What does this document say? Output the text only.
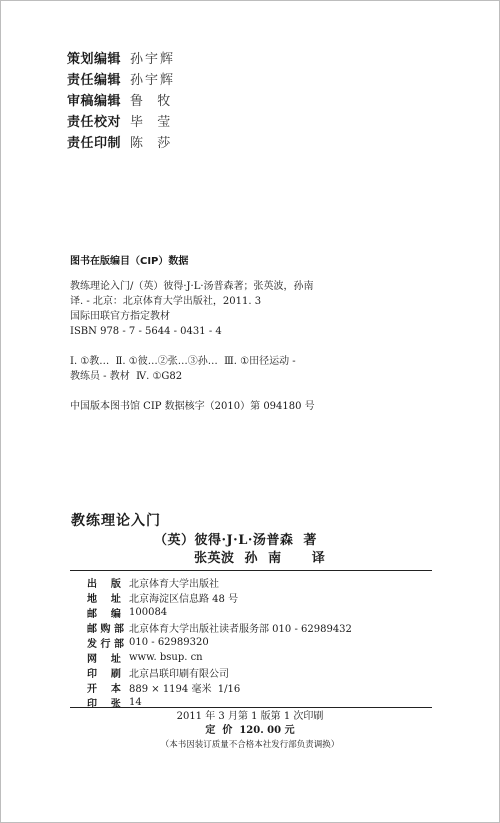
策划编辑 孙宇辉
责任编辑 孙宇辉
审稿编辑 鲁  牧
责任校对 毕  莹
责任印制 陈  莎
图书在版编目（CIP）数据

教练理论入门/（英）彼得·J·L·汤普森著；张英波，孙南

译. - 北京：北京体育大学出版社，2011. 3

国际田联官方指定教材

ISBN 978 - 7 - 5644 - 0431 - 4

Ⅰ. ①教…  Ⅱ. ①彼…②张…③孙…  Ⅲ. ①田径运动 -

教练员 - 教材  Ⅳ. ①G82

中国版本图书馆 CIP 数据核字（2010）第 094180 号

教练理论入门
（英）彼得·J·L·汤普森  著
张英波  孙  南      译
出    版 北京体育大学出版社
地    址 北京海淀区信息路 48 号
邮    编 100084
邮 购 部 北京体育大学出版社读者服务部 010 - 62989432
发 行 部 010 - 62989320
网    址 www. bsup. cn
印    刷 北京昌联印刷有限公司
开    本 889 × 1194 毫米  1/16
印    张 14

2011 年 3 月第 1 版第 1 次印刷

定  价  120. 00 元

（本书因装订质量不合格本社发行部负责调换）
